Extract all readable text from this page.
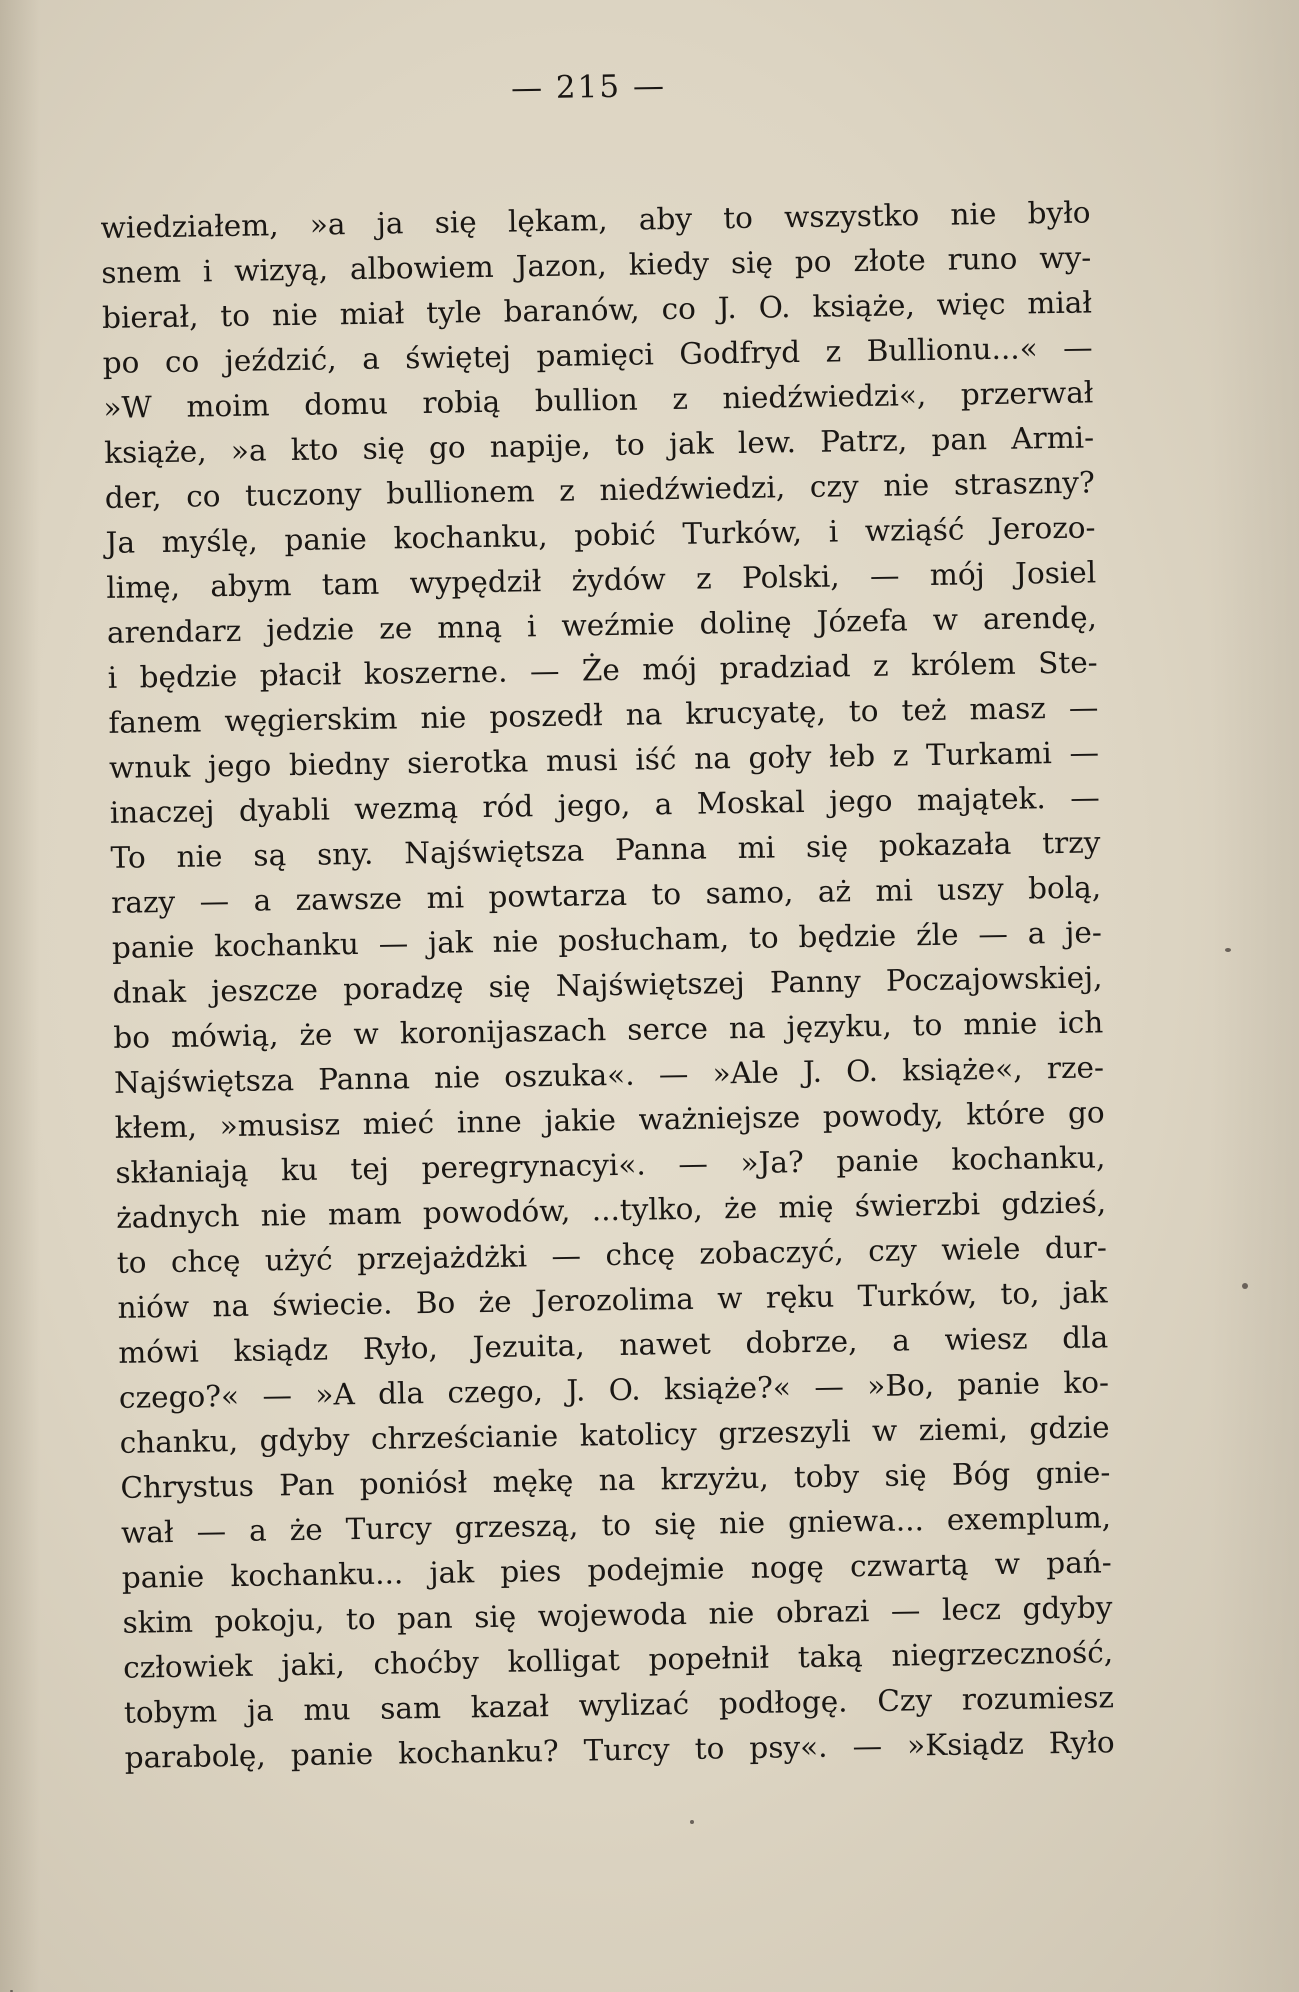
— 215 —
wiedziałem, »a ja się lękam, aby to wszystko nie było
snem i wizyą, albowiem Jazon, kiedy się po złote runo wy-
bierał, to nie miał tyle baranów, co J. O. książe, więc miał
po co jeździć, a świętej pamięci Godfryd z Bullionu...« —
»W moim domu robią bullion z niedźwiedzi«, przerwał
książe, »a kto się go napije, to jak lew. Patrz, pan Armi-
der, co tuczony bullionem z niedźwiedzi, czy nie straszny?
Ja myślę, panie kochanku, pobić Turków, i wziąść Jerozo-
limę, abym tam wypędził żydów z Polski, — mój Josiel
arendarz jedzie ze mną i weźmie dolinę Józefa w arendę,
i będzie płacił koszerne. — Że mój pradziad z królem Ste-
fanem węgierskim nie poszedł na krucyatę, to też masz —
wnuk jego biedny sierotka musi iść na goły łeb z Turkami —
inaczej dyabli wezmą ród jego, a Moskal jego majątek. —
To nie są sny. Najświętsza Panna mi się pokazała trzy
razy — a zawsze mi powtarza to samo, aż mi uszy bolą,
panie kochanku — jak nie posłucham, to będzie źle — a je-
dnak jeszcze poradzę się Najświętszej Panny Poczajowskiej,
bo mówią, że w koronijaszach serce na języku, to mnie ich
Najświętsza Panna nie oszuka«. — »Ale J. O. książe«, rze-
kłem, »musisz mieć inne jakie ważniejsze powody, które go
skłaniają ku tej peregrynacyi«. — »Ja? panie kochanku,
żadnych nie mam powodów, ...tylko, że mię świerzbi gdzieś,
to chcę użyć przejażdżki — chcę zobaczyć, czy wiele dur-
niów na świecie. Bo że Jerozolima w ręku Turków, to, jak
mówi ksiądz Ryło, Jezuita, nawet dobrze, a wiesz dla
czego?« — »A dla czego, J. O. książe?« — »Bo, panie ko-
chanku, gdyby chrześcianie katolicy grzeszyli w ziemi, gdzie
Chrystus Pan poniósł mękę na krzyżu, toby się Bóg gnie-
wał — a że Turcy grzeszą, to się nie gniewa... exemplum,
panie kochanku... jak pies podejmie nogę czwartą w pań-
skim pokoju, to pan się wojewoda nie obrazi — lecz gdyby
człowiek jaki, choćby kolligat popełnił taką niegrzeczność,
tobym ja mu sam kazał wylizać podłogę. Czy rozumiesz
parabolę, panie kochanku? Turcy to psy«. — »Ksiądz Ryło
